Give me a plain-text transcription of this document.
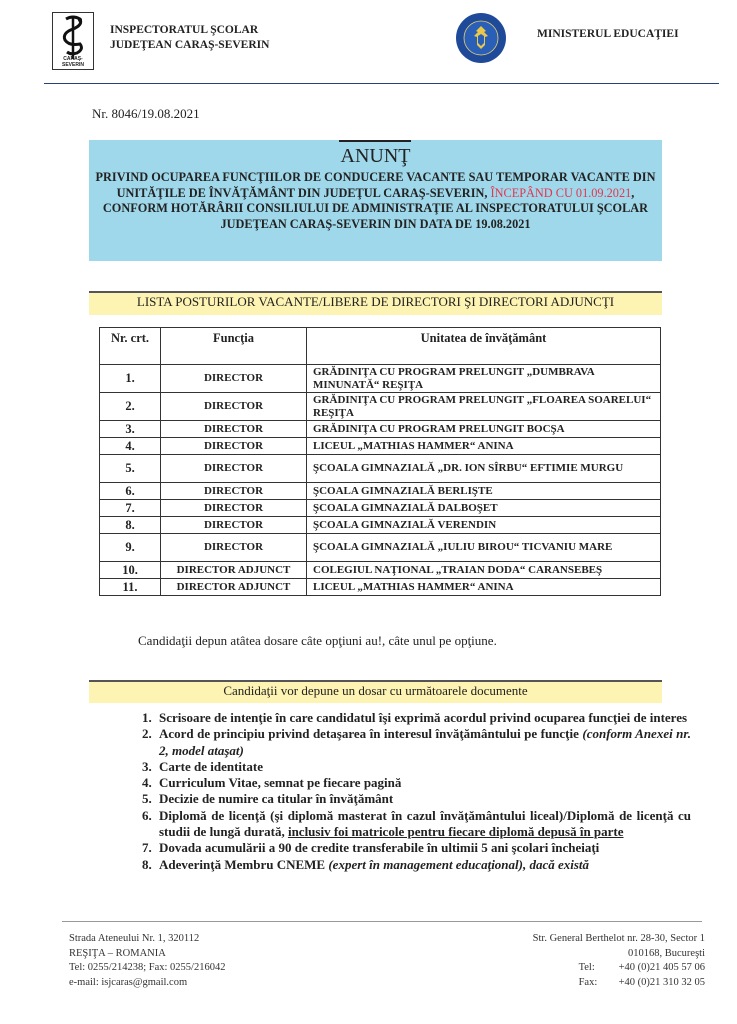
CARAŞ-SEVERIN
INSPECTORATUL ŞCOLAR
JUDEŢEAN CARAŞ-SEVERIN
MINISTERUL EDUCAŢIEI
Nr. 8046/19.08.2021
ANUNŢ
PRIVIND OCUPAREA FUNCŢIILOR DE CONDUCERE VACANTE SAU TEMPORAR VACANTE DIN UNITĂŢILE DE ÎNVĂŢĂMÂNT DIN JUDEŢUL CARAŞ-SEVERIN, ÎNCEPÂND CU 01.09.2021, CONFORM HOTĂRÂRII CONSILIULUI DE ADMINISTRAŢIE AL INSPECTORATULUI ŞCOLAR JUDEŢEAN CARAŞ-SEVERIN DIN DATA DE 19.08.2021
LISTA POSTURILOR VACANTE/LIBERE DE DIRECTORI ŞI DIRECTORI ADJUNCŢI
Nr. crt.	Funcţia	Unitatea de învăţământ
1.	DIRECTOR	GRĂDINIŢA CU PROGRAM PRELUNGIT „DUMBRAVA MINUNATĂ“ REŞIŢA
2.	DIRECTOR	GRĂDINIŢA CU PROGRAM PRELUNGIT „FLOAREA SOARELUI“ REŞIŢA
3.	DIRECTOR	GRĂDINIŢA CU PROGRAM PRELUNGIT BOCŞA
4.	DIRECTOR	LICEUL „MATHIAS HAMMER“ ANINA
5.	DIRECTOR	ŞCOALA GIMNAZIALĂ „DR. ION SÎRBU“ EFTIMIE MURGU
6.	DIRECTOR	ŞCOALA GIMNAZIALĂ BERLIŞTE
7.	DIRECTOR	ŞCOALA GIMNAZIALĂ DALBOŞET
8.	DIRECTOR	ŞCOALA GIMNAZIALĂ VERENDIN
9.	DIRECTOR	ŞCOALA GIMNAZIALĂ „IULIU BIROU“ TICVANIU MARE
10.	DIRECTOR ADJUNCT	COLEGIUL NAŢIONAL „TRAIAN DODA“ CARANSEBEŞ
11.	DIRECTOR ADJUNCT	LICEUL „MATHIAS HAMMER“ ANINA
Candidaţii depun atâtea dosare câte opţiuni au!, câte unul pe opţiune.
Candidaţii vor depune un dosar cu următoarele documente
1. Scrisoare de intenţie în care candidatul îşi exprimă acordul privind ocuparea funcţiei de interes
2. Acord de principiu privind detaşarea în interesul învăţământului pe funcţie (conform Anexei nr. 2, model ataşat)
3. Carte de identitate
4. Curriculum Vitae, semnat pe fiecare pagină
5. Decizie de numire ca titular în învăţământ
6. Diplomă de licenţă (şi diplomă masterat în cazul învăţământului liceal)/Diplomă de licenţă cu studii de lungă durată, inclusiv foi matricole pentru fiecare diplomă depusă în parte
7. Dovada acumulării a 90 de credite transferabile în ultimii 5 ani şcolari încheiaţi
8. Adeverinţă Membru CNEME (expert în management educaţional), dacă există
Strada Ateneului Nr. 1, 320112
REŞIŢA – ROMANIA
Tel: 0255/214238; Fax: 0255/216042
e-mail: isjcaras@gmail.com
Str. General Berthelot nr. 28-30, Sector 1
010168, Bucureşti
Tel: +40 (0)21 405 57 06
Fax: +40 (0)21 310 32 05
